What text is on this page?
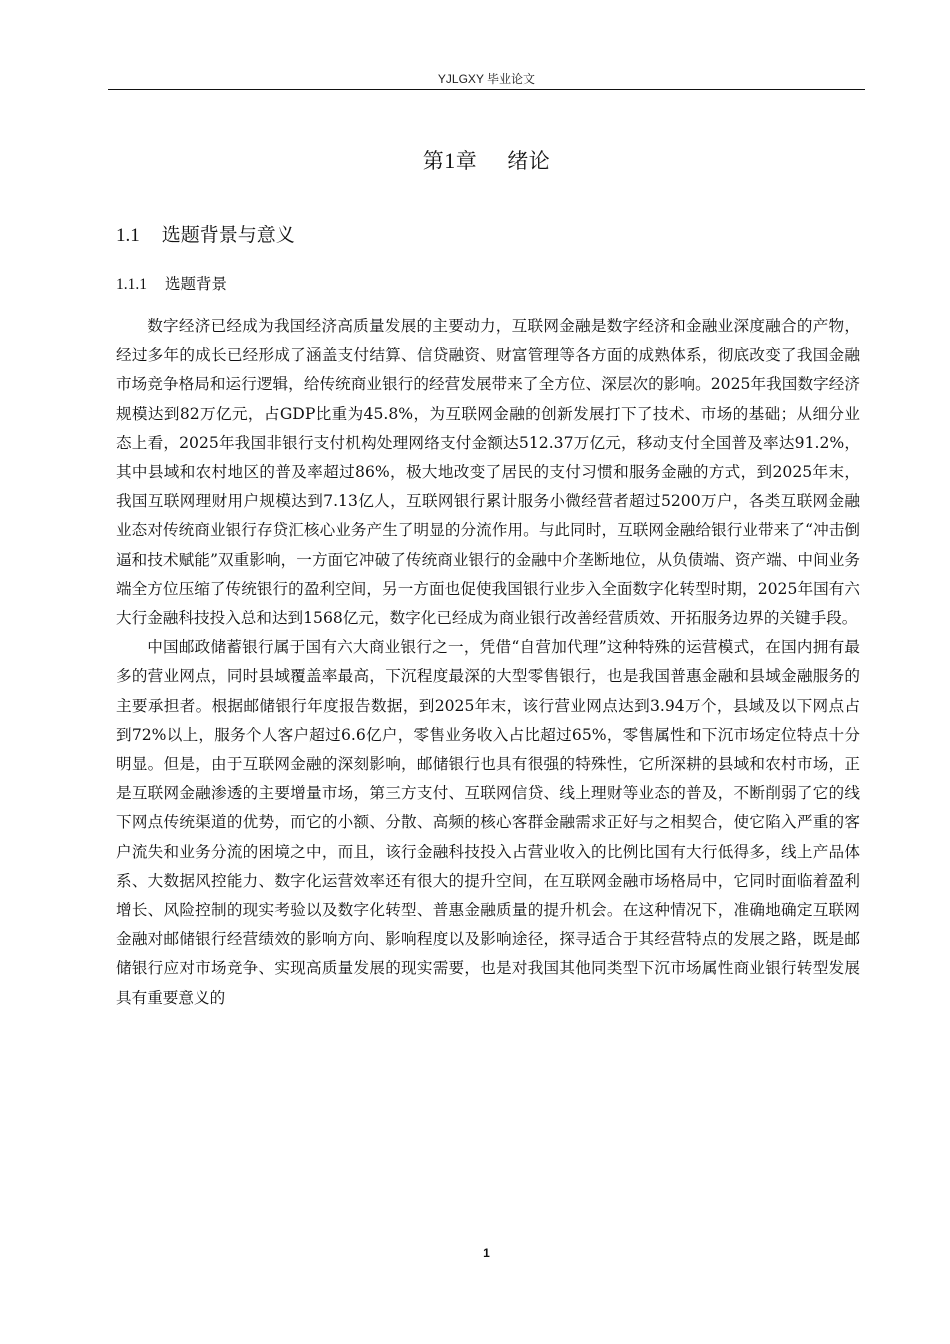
YJLGXY 毕业论文
第1章 绪论
1.1 选题背景与意义
1.1.1 选题背景

数字经济已经成为我国经济高质量发展的主要动力，互联网金融是数字经济和金融业深度融合的产物，经过多年的成长已经形成了涵盖支付结算、信贷融资、财富管理等各方面的成熟体系，彻底改变了我国金融市场竞争格局和运行逻辑，给传统商业银行的经营发展带来了全方位、深层次的影响。2025年我国数字经济规模达到82万亿元，占GDP比重为45.8%，为互联网金融的创新发展打下了技术、市场的基础；从细分业态上看，2025年我国非银行支付机构处理网络支付金额达512.37万亿元，移动支付全国普及率达91.2%，其中县域和农村地区的普及率超过86%，极大地改变了居民的支付习惯和服务金融的方式，到2025年末，我国互联网理财用户规模达到7.13亿人，互联网银行累计服务小微经营者超过5200万户，各类互联网金融业态对传统商业银行存贷汇核心业务产生了明显的分流作用。与此同时，互联网金融给银行业带来了“冲击倒逼和技术赋能”双重影响，一方面它冲破了传统商业银行的金融中介垄断地位，从负债端、资产端、中间业务端全方位压缩了传统银行的盈利空间，另一方面也促使我国银行业步入全面数字化转型时期，2025年国有六大行金融科技投入总和达到1568亿元，数字化已经成为商业银行改善经营质效、开拓服务边界的关键手段。

中国邮政储蓄银行属于国有六大商业银行之一，凭借“自营加代理”这种特殊的运营模式，在国内拥有最多的营业网点，同时县域覆盖率最高，下沉程度最深的大型零售银行，也是我国普惠金融和县域金融服务的主要承担者。根据邮储银行年度报告数据，到2025年末，该行营业网点达到3.94万个，县域及以下网点占到72%以上，服务个人客户超过6.6亿户，零售业务收入占比超过65%，零售属性和下沉市场定位特点十分明显。但是，由于互联网金融的深刻影响，邮储银行也具有很强的特殊性，它所深耕的县域和农村市场，正是互联网金融渗透的主要增量市场，第三方支付、互联网信贷、线上理财等业态的普及，不断削弱了它的线下网点传统渠道的优势，而它的小额、分散、高频的核心客群金融需求正好与之相契合，使它陷入严重的客户流失和业务分流的困境之中，而且，该行金融科技投入占营业收入的比例比国有大行低得多，线上产品体系、大数据风控能力、数字化运营效率还有很大的提升空间，在互联网金融市场格局中，它同时面临着盈利增长、风险控制的现实考验以及数字化转型、普惠金融质量的提升机会。在这种情况下，准确地确定互联网金融对邮储银行经营绩效的影响方向、影响程度以及影响途径，探寻适合于其经营特点的发展之路，既是邮储银行应对市场竞争、实现高质量发展的现实需要，也是对我国其他同类型下沉市场属性商业银行转型发展具有重要意义的

1
